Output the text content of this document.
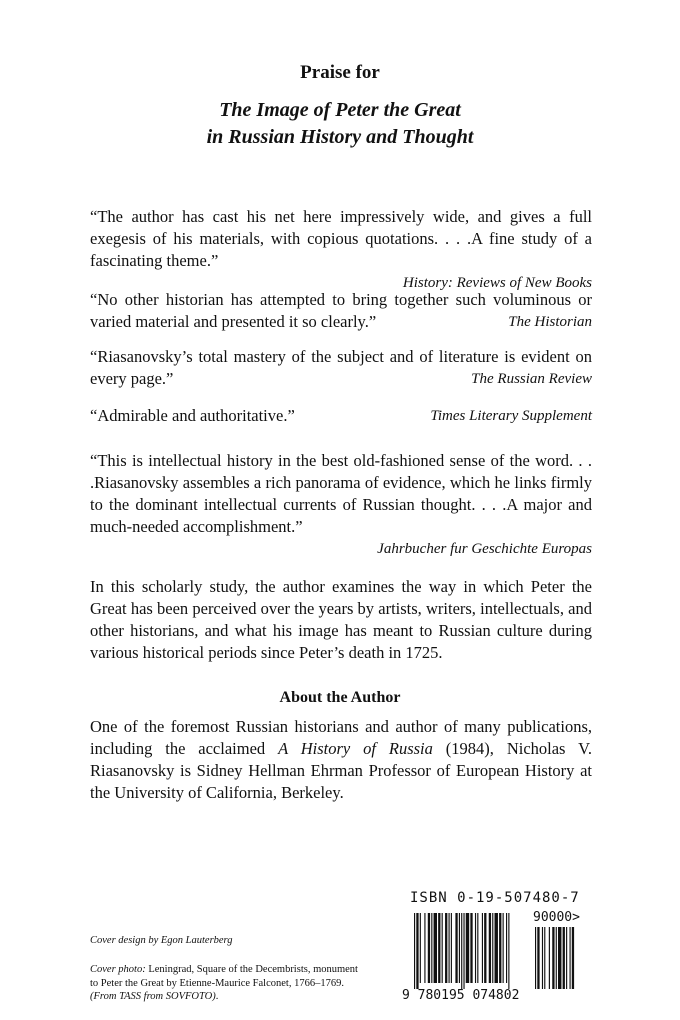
Praise for
The Image of Peter the Great
in Russian History and Thought
“The author has cast his net here impressively wide, and gives a full exegesis of his materials, with copious quotations. . . .A fine study of a fascinating theme.”
History: Reviews of New Books
“No other historian has attempted to bring together such voluminous or varied material and presented it so clearly.”	The Historian
“Riasanovsky’s total mastery of the subject and of literature is evident on every page.”	The Russian Review
“Admirable and authoritative.”	Times Literary Supplement
“This is intellectual history in the best old-fashioned sense of the word. . . .Riasanovsky assembles a rich panorama of evidence, which he links firmly to the dominant intellectual currents of Russian thought. . . .A major and much-needed accomplishment.”
Jahrbucher fur Geschichte Europas
In this scholarly study, the author examines the way in which Peter the Great has been perceived over the years by artists, writers, intellectuals, and other historians, and what his image has meant to Russian culture during various historical periods since Peter’s death in 1725.
About the Author
One of the foremost Russian historians and author of many publications, including the acclaimed A History of Russia (1984), Nicholas V. Riasanovsky is Sidney Hellman Ehrman Professor of European History at the University of California, Berkeley.
Cover design by Egon Lauterberg
Cover photo: Leningrad, Square of the Decembrists, monument to Peter the Great by Etienne-Maurice Falconet, 1766–1769. (From TASS from SOVFOTO).
ISBN 0-19-507480-7
9 780195 074802
90000>
